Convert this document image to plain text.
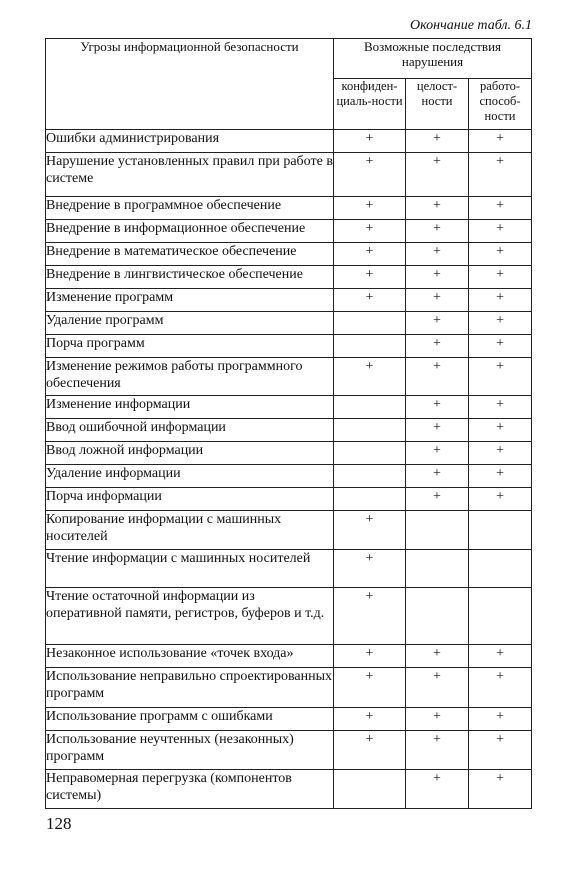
Окончание табл. 6.1
Угрозы информационной безопасности	Возможные последствия нарушения		
	конфиден-циаль-ности	целост-ности	работо-способ-ности
Ошибки администрирования	+	+	+
Нарушение установленных правил при работе в системе	+	+	+
Внедрение в программное обеспечение	+	+	+
Внедрение в информационное обеспечение	+	+	+
Внедрение в математическое обеспечение	+	+	+
Внедрение в лингвистическое обеспечение	+	+	+
Изменение программ	+	+	+
Удаление программ		+	+
Порча программ		+	+
Изменение режимов работы программного обеспечения	+	+	+
Изменение информации		+	+
Ввод ошибочной информации		+	+
Ввод ложной информации		+	+
Удаление информации		+	+
Порча информации		+	+
Копирование информации с машинных носителей	+		
Чтение информации с машинных носителей	+		
Чтение остаточной информации из оперативной памяти, регистров, буферов и т.д.	+		
Незаконное использование «точек входа»	+	+	+
Использование неправильно спроектированных программ	+	+	+
Использование программ с ошибками	+	+	+
Использование неучтенных (незаконных) программ	+	+	+
Неправомерная перегрузка (компонентов системы)		+	+
128
